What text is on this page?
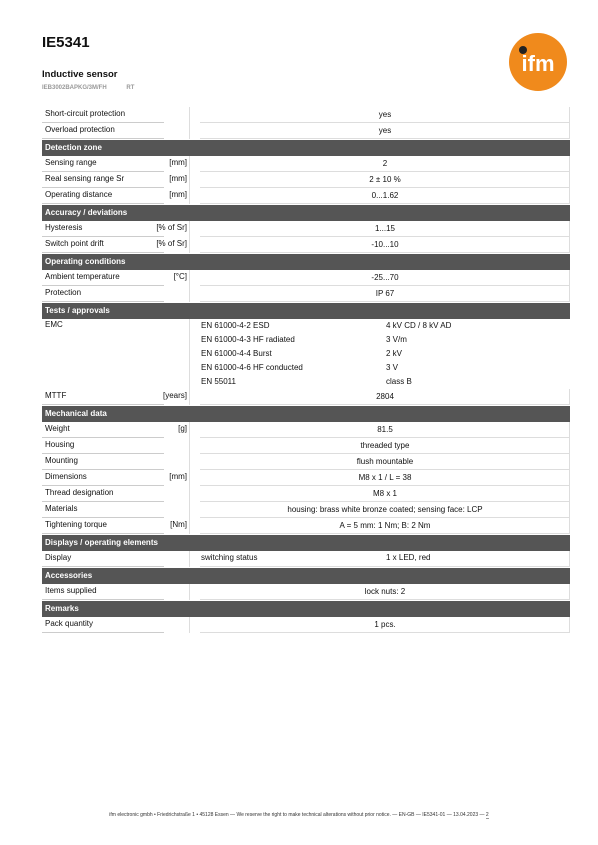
IE5341
Inductive sensor
IEB3002BAPKG/3M/FH	RT
ifm
Short-circuit protection	yes
Overload protection	yes
Detection zone
Sensing range	[mm]	2
Real sensing range Sr	[mm]	2 ± 10 %
Operating distance	[mm]	0...1.62
Accuracy / deviations
Hysteresis	[% of Sr]	1...15
Switch point drift	[% of Sr]	-10...10
Operating conditions
Ambient temperature	[°C]	-25...70
Protection	IP 67
Tests / approvals
EMC	EN 61000-4-2 ESD	4 kV CD / 8 kV AD
EN 61000-4-3 HF radiated	3 V/m
EN 61000-4-4 Burst	2 kV
EN 61000-4-6 HF conducted	3 V
EN 55011	class B
MTTF	[years]	2804
Mechanical data
Weight	[g]	81.5
Housing	threaded type
Mounting	flush mountable
Dimensions	[mm]	M8 x 1 / L = 38
Thread designation	M8 x 1
Materials	housing: brass white bronze coated; sensing face: LCP
Tightening torque	[Nm]	A = 5 mm: 1 Nm; B: 2 Nm
Displays / operating elements
Display	switching status	1 x LED, red
Accessories
Items supplied	lock nuts: 2
Remarks
Pack quantity	1 pcs.
ifm electronic gmbh • Friedrichstraße 1 • 45128 Essen — We reserve the right to make technical alterations without prior notice. — EN-GB — IE5341-01 — 13.04.2023 — 2
